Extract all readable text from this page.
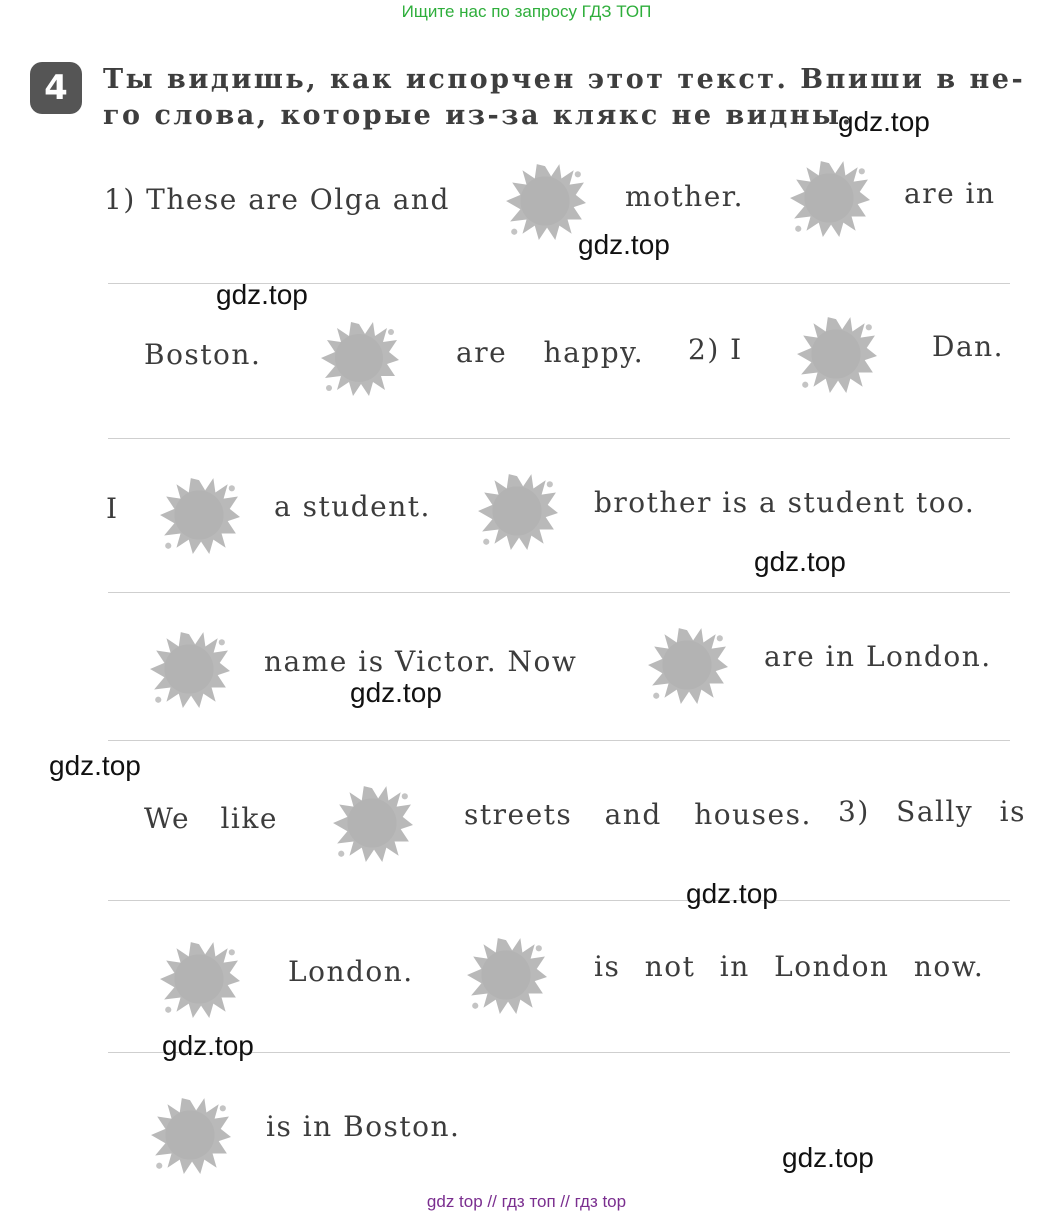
Ищите нас по запросу ГДЗ ТОП
4	Ты видишь, как испорчен этот текст. Впиши в не-
го слова, которые из-за клякс не видны.
1) These are Olga and	mother.	are in
Boston.	are happy. 2) I	Dan.
I	a student.	brother is a student too.
name is Victor. Now	are in London.
We like	streets and houses. 3) Sally is
London.	is not in London now.
is in Boston.
gdz.top
gdz.top
gdz.top
gdz.top
gdz.top
gdz.top
gdz.top
gdz.top
gdz.top
gdz top // гдз топ // гдз top
